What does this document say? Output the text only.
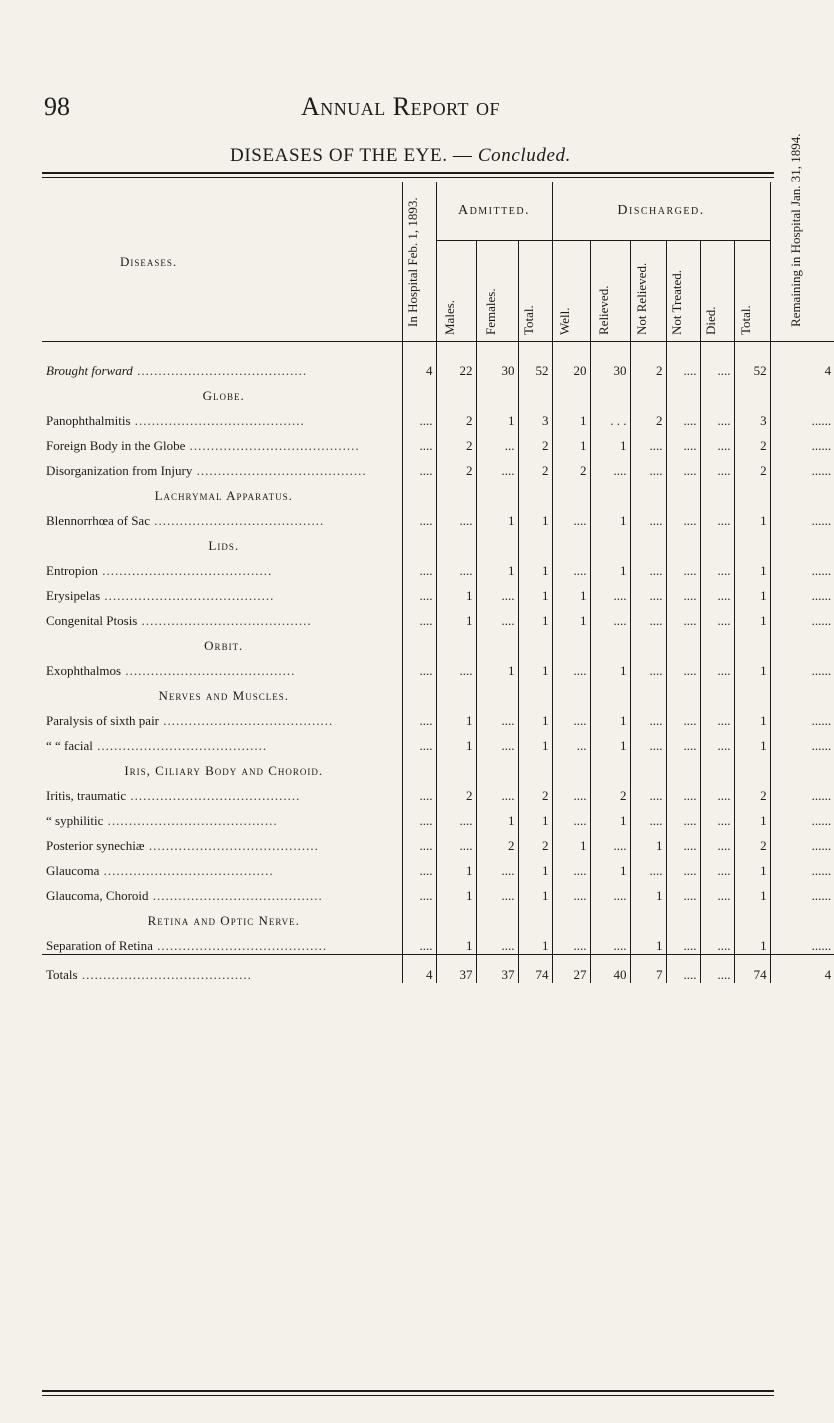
98	Annual Report of
DISEASES OF THE EYE. — Concluded.
Diseases.	In Hospital Feb. 1, 1893.	Admitted.			Discharged.						Remaining in Hospital Jan. 31, 1894.

		Males.	Females.	Total.	Well.	Relieved.	Not Relieved.	Not Treated.	Died.	Total.	

Brought forward ........................................	4	22	30	52	20	30	2	....	....	52	4
Globe.											
Panophthalmitis ........................................	....	2	1	3	1	. . .	2	....	....	3	......
Foreign Body in the Globe ........................................	....	2	...	2	1	1	....	....	....	2	......
Disorganization from Injury ........................................	....	2	....	2	2	....	....	....	....	2	......
Lachrymal Apparatus.											
Blennorrhœa of Sac ........................................	....	....	1	1	....	1	....	....	....	1	......
Lids.											
Entropion ........................................	....	....	1	1	....	1	....	....	....	1	......
Erysipelas ........................................	....	1	....	1	1	....	....	....	....	1	......
Congenital Ptosis ........................................	....	1	....	1	1	....	....	....	....	1	......
Orbit.											
Exophthalmos ........................................	....	....	1	1	....	1	....	....	....	1	......
Nerves and Muscles.											
Paralysis of sixth pair ........................................	....	1	....	1	....	1	....	....	....	1	......
“ “ facial ........................................	....	1	....	1	...	1	....	....	....	1	......
Iris, Ciliary Body and Choroid.											
Iritis, traumatic ........................................	....	2	....	2	....	2	....	....	....	2	......
“ syphilitic ........................................	....	....	1	1	....	1	....	....	....	1	......
Posterior synechiæ ........................................	....	....	2	2	1	....	1	....	....	2	......
Glaucoma ........................................	....	1	....	1	....	1	....	....	....	1	......
Glaucoma, Choroid ........................................	....	1	....	1	....	....	1	....	....	1	......
Retina and Optic Nerve.											
Separation of Retina ........................................	....	1	....	1	....	....	1	....	....	1	......
Totals ........................................	4	37	37	74	27	40	7	....	....	74	4
